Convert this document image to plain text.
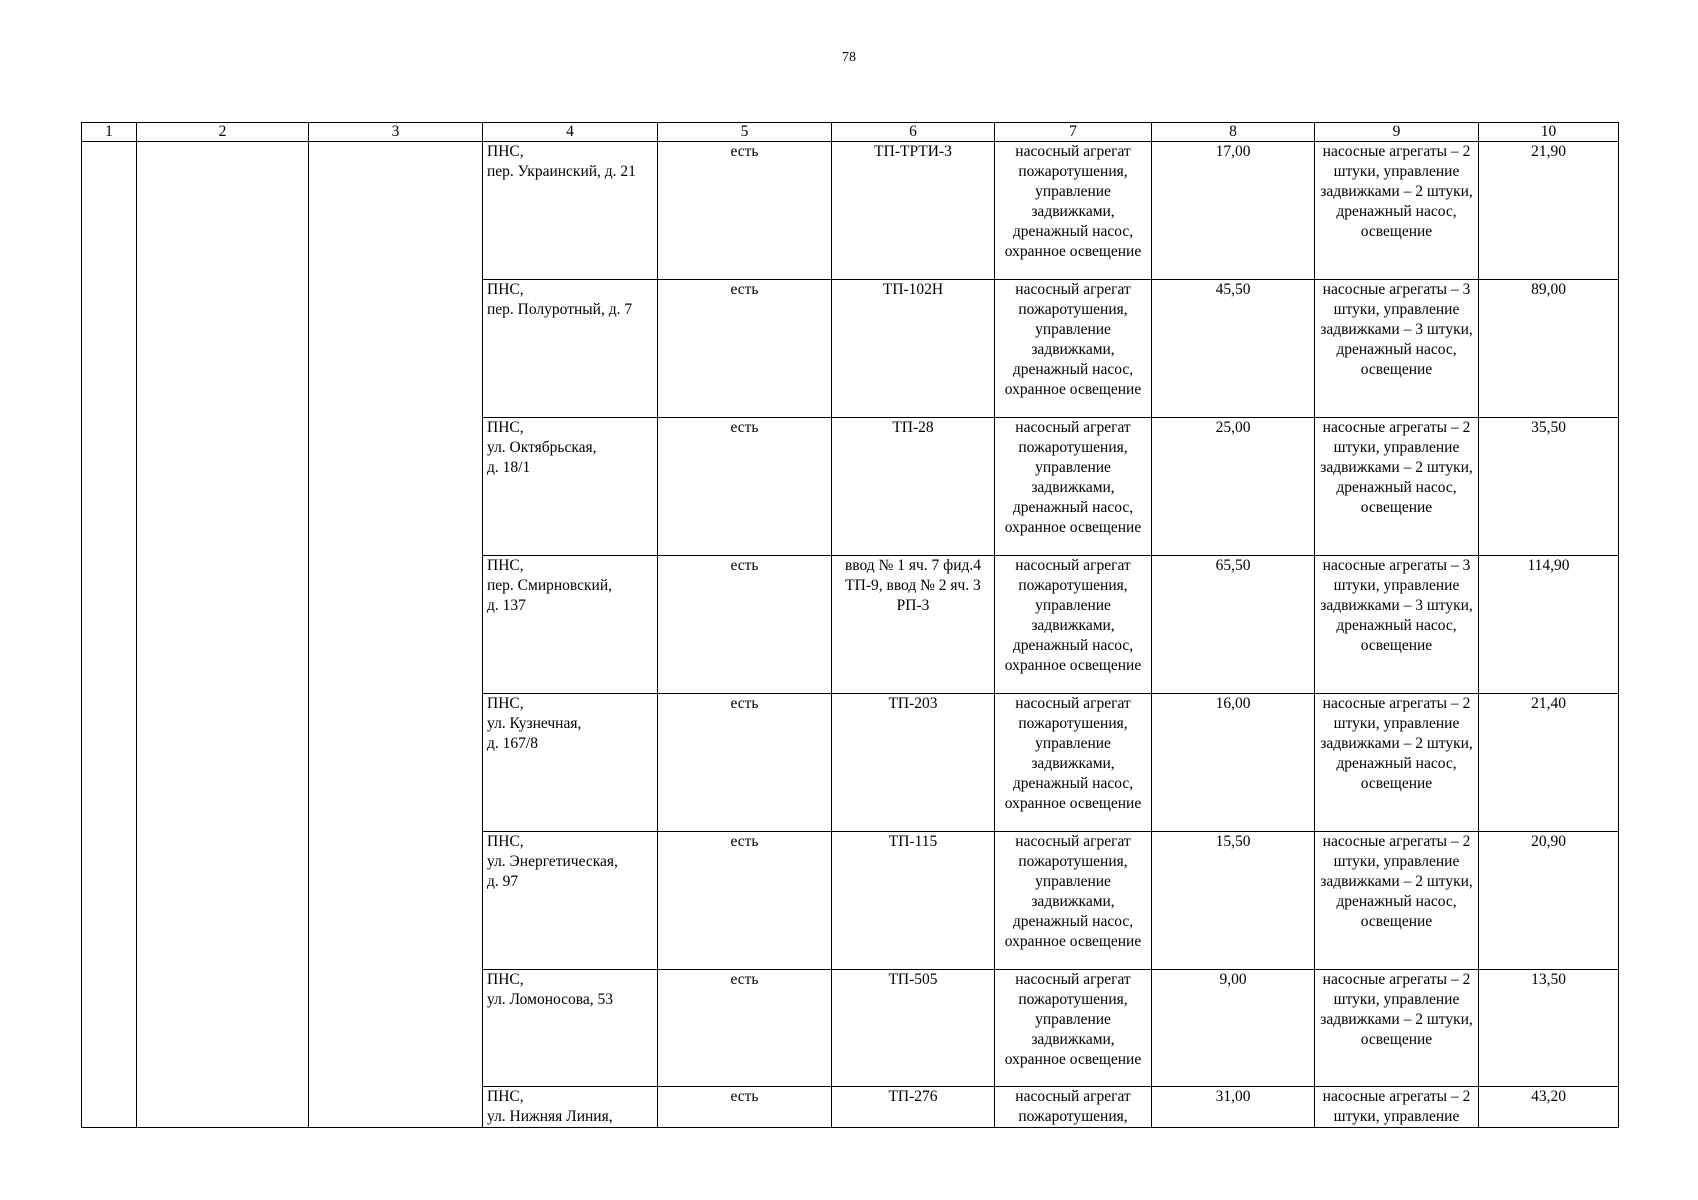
78
1	2	3	4	5	6	7	8	9	10
			ПНС,
пер. Украинский, д. 21	есть	ТП-ТРТИ-3	насосный агрегат пожаротушения, управление задвижками, дренажный насос, охранное освещение	17,00	насосные агрегаты – 2 штуки, управление задвижками – 2 штуки, дренажный насос, освещение	21,90
			ПНС,
пер. Полуротный, д. 7	есть	ТП-102Н	насосный агрегат пожаротушения, управление задвижками, дренажный насос, охранное освещение	45,50	насосные агрегаты – 3 штуки, управление задвижками – 3 штуки, дренажный насос, освещение	89,00
			ПНС,
ул. Октябрьская,
д. 18/1	есть	ТП-28	насосный агрегат пожаротушения, управление задвижками, дренажный насос, охранное освещение	25,00	насосные агрегаты – 2 штуки, управление задвижками – 2 штуки, дренажный насос, освещение	35,50
			ПНС,
пер. Смирновский,
д. 137	есть	ввод № 1 яч. 7 фид.4 ТП-9, ввод № 2 яч. 3 РП-3	насосный агрегат пожаротушения, управление задвижками, дренажный насос, охранное освещение	65,50	насосные агрегаты – 3 штуки, управление задвижками – 3 штуки, дренажный насос, освещение	114,90
			ПНС,
ул. Кузнечная,
д. 167/8	есть	ТП-203	насосный агрегат пожаротушения, управление задвижками, дренажный насос, охранное освещение	16,00	насосные агрегаты – 2 штуки, управление задвижками – 2 штуки, дренажный насос, освещение	21,40
			ПНС,
ул. Энергетическая,
д. 97	есть	ТП-115	насосный агрегат пожаротушения, управление задвижками, дренажный насос, охранное освещение	15,50	насосные агрегаты – 2 штуки, управление задвижками – 2 штуки, дренажный насос, освещение	20,90
			ПНС,
ул. Ломоносова, 53	есть	ТП-505	насосный агрегат пожаротушения, управление задвижками, охранное освещение	9,00	насосные агрегаты – 2 штуки, управление задвижками – 2 штуки, освещение	13,50
			ПНС,
ул. Нижняя Линия,	есть	ТП-276	насосный агрегат пожаротушения,	31,00	насосные агрегаты – 2 штуки, управление	43,20
